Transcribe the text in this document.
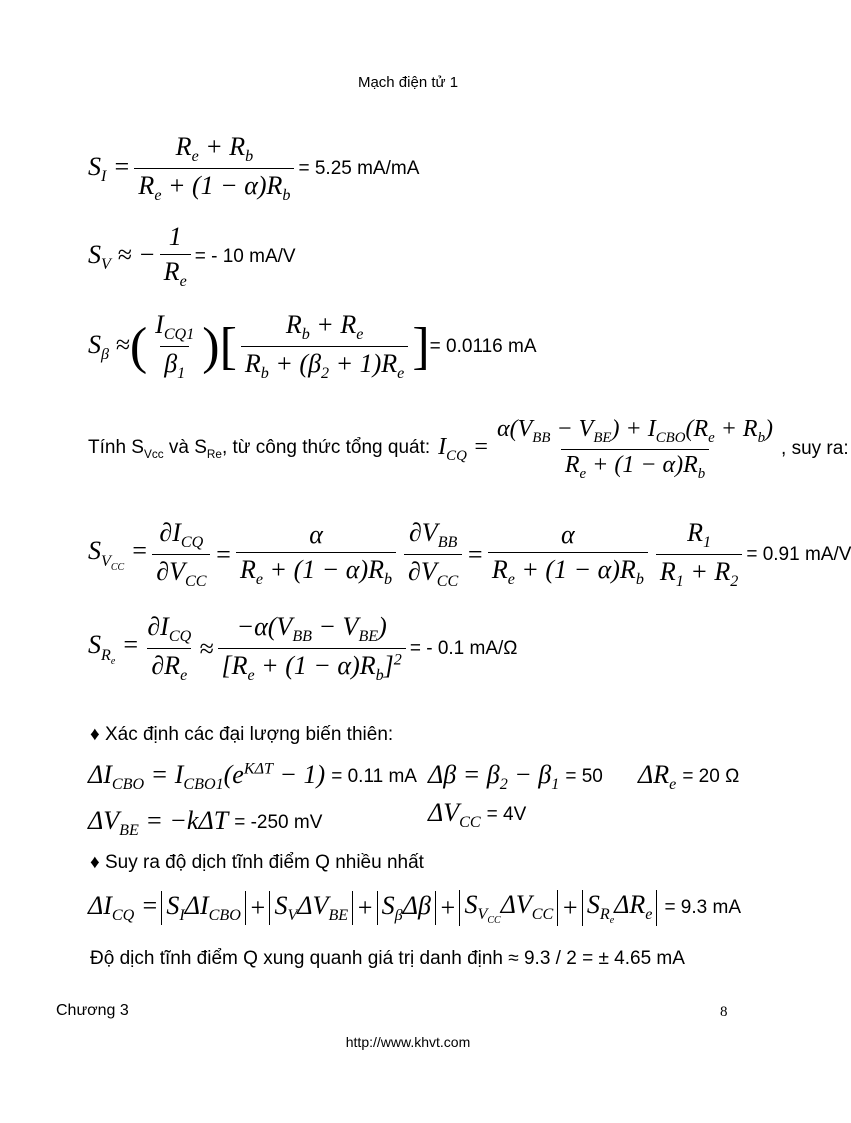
Mạch điện tử 1
$S_I = \frac{R_e + R_b}{R_e + (1 - \alpha)R_b} = 5.25$ mA/mA
$S_V$ ≈ − $\frac{1}{R_e}$ = - 10 mA/V
$S_\beta$ ≈ ( $\frac{I_{CQ1}}{\beta_1}$ ) [ $\frac{R_b + R_e}{R_b + (\beta_2 + 1)R_e}$ ] = 0.0116 mA
Tính $S_{Vcc}$ và $S_{Re}$, từ công thức tổng quát: $I_{CQ} = \frac{\alpha(V_{BB} - V_{BE}) + I_{CBO}(R_e + R_b)}{R_e + (1 - \alpha)R_b}$ , suy ra:
$S_{V_{CC}} = \frac{\partial I_{CQ}}{\partial V_{CC}} = \frac{\alpha}{R_e + (1 - \alpha)R_b} \frac{\partial V_{BB}}{\partial V_{CC}} = \frac{\alpha}{R_e + (1 - \alpha)R_b} \frac{R_1}{R_1 + R_2} = 0.91$ mA/V
$S_{R_e} = \frac{\partial I_{CQ}}{\partial R_e} \approx \frac{-\alpha(V_{BB} - V_{BE})}{[R_e + (1 - \alpha)R_b]^2}$ = - 0.1 mA/Ω
♦ Xác định các đại lượng biến thiên:
$\Delta I_{CBO} = I_{CBO1}(e^{K\Delta T} - 1) = 0.11$ mA $\Delta\beta = \beta_2 - \beta_1 = 50$ $\Delta R_e = 20$ Ω
$\Delta V_{BE} = -k\Delta T = -250$ mV	$\Delta V_{CC} = 4V$
♦ Suy ra độ dịch tĩnh điểm Q nhiều nhất
$\Delta I_{CQ} = S_I\Delta I_{CBO} + S_V\Delta V_{BE} + S_\beta\Delta\beta + S_{V_{CC}}\Delta V_{CC} + S_{R_e}\Delta R_e = 9.3$ mA
Độ dịch tĩnh điểm Q xung quanh giá trị danh định ≈ 9.3 / 2 = ± 4.65 mA
Chương 3	8
http://www.khvt.com
